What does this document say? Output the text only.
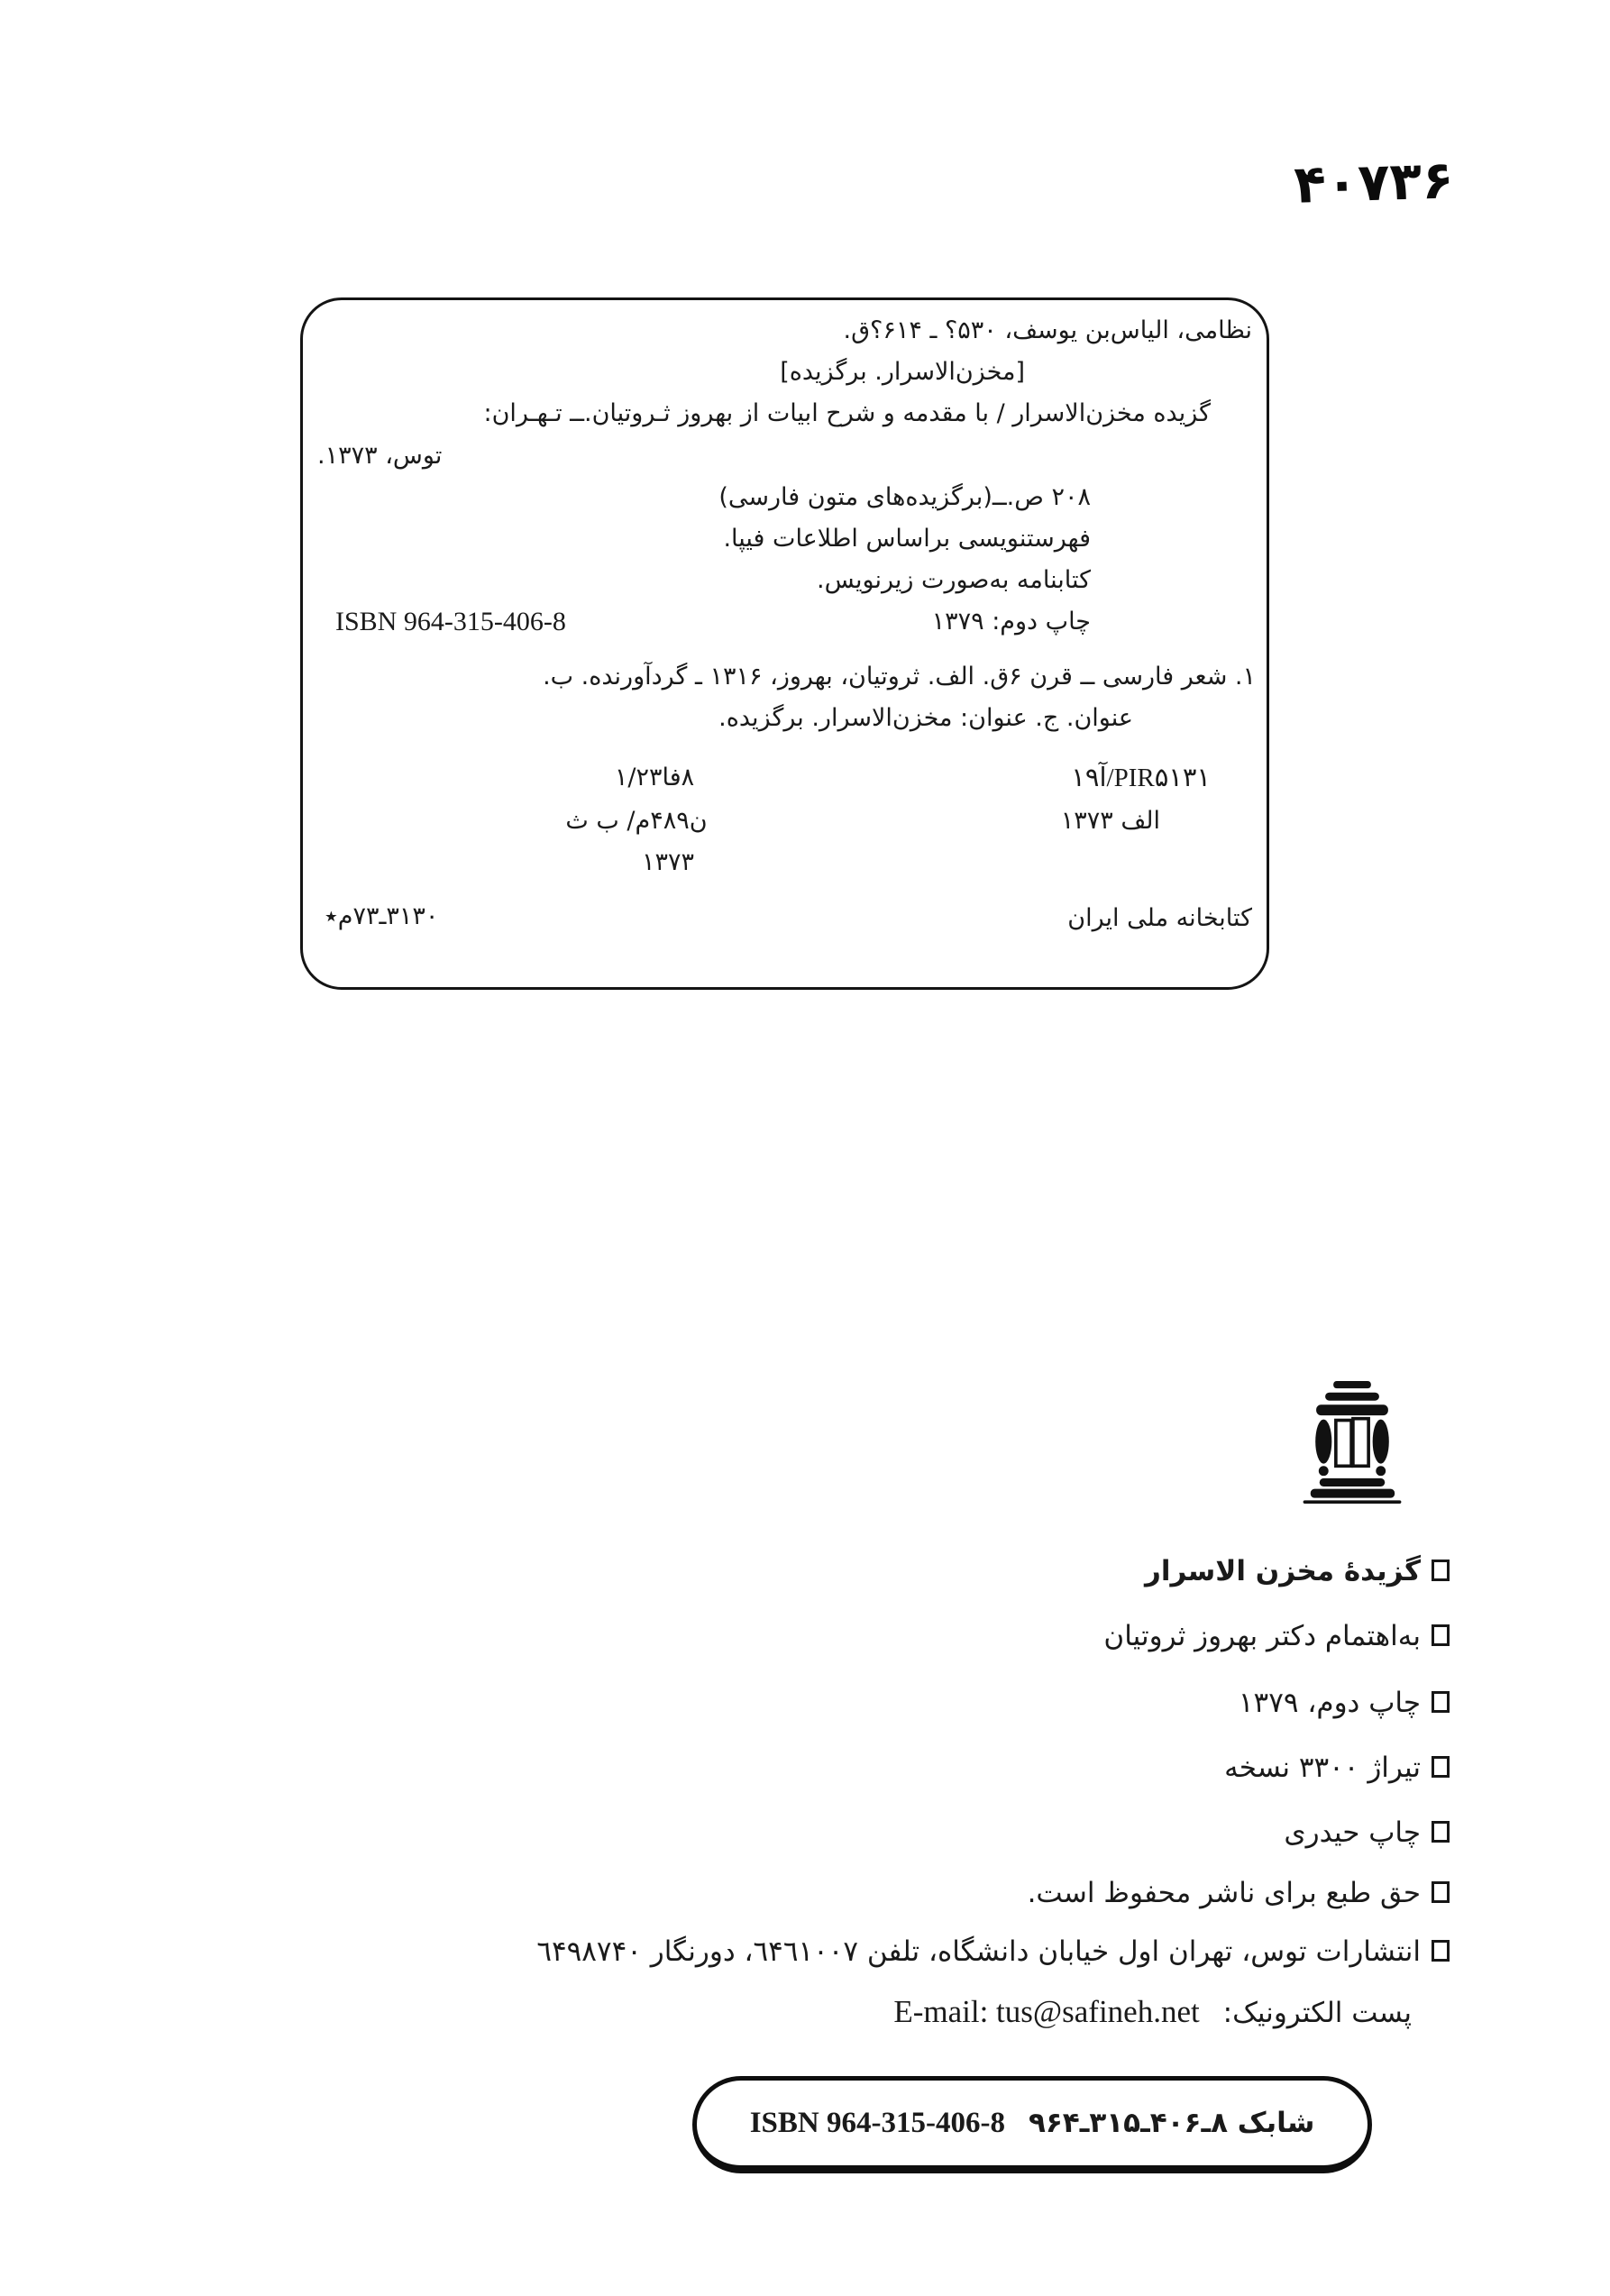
۴۰۷۳۶
نظامی، الیاس‌بن یوسف، ۵۳۰؟ ـ ۶۱۴؟ق.
[مخزن‌الاسرار. برگزیده]
گزیده مخزن‌الاسرار / با مقدمه و شرح ابیات از بهروز ثـروتیان.ــ تـهـران:
توس، ۱۳۷۳.
۲۰۸ ص.ــ(برگزیده‌های متون فارسی)
فهرستنویسی براساس اطلاعات فیپا.
کتابنامه به‌صورت زیرنویس.
چاپ دوم: ۱۳۷۹
ISBN 964-315-406-8
۱. شعر فارسی ــ قرن ۶ق. الف. ثروتیان، بهروز، ۱۳۱۶ ـ گردآورنده. ب.
عنوان. ج. عنوان: مخزن‌الاسرار. برگزیده.
PIR۵۱۳۱/آ۱۹
۸فا۱/۲۳
الف ۱۳۷۳
ن۴۸۹م/ ب ث
۱۳۷۳
کتابخانه ملی ایران
۳۱۳۰ـ۷۳م٭
گزیدهٔ مخزن الاسرار
به‌اهتمام دکتر بهروز ثروتیان
چاپ دوم، ۱۳۷۹
تیراژ ۳۳۰۰ نسخه
چاپ حیدری
حق طبع برای ناشر محفوظ است.
انتشارات توس، تهران اول خیابان دانشگاه، تلفن ٦۴٦١٠٠٧، دورنگار ٦۴٩٨٧۴٠
پست الکترونیک:   E-mail: tus@safineh.net
شابک ۸ـ۴۰۶ـ۳۱۵ـ۹۶۴
ISBN 964-315-406-8
